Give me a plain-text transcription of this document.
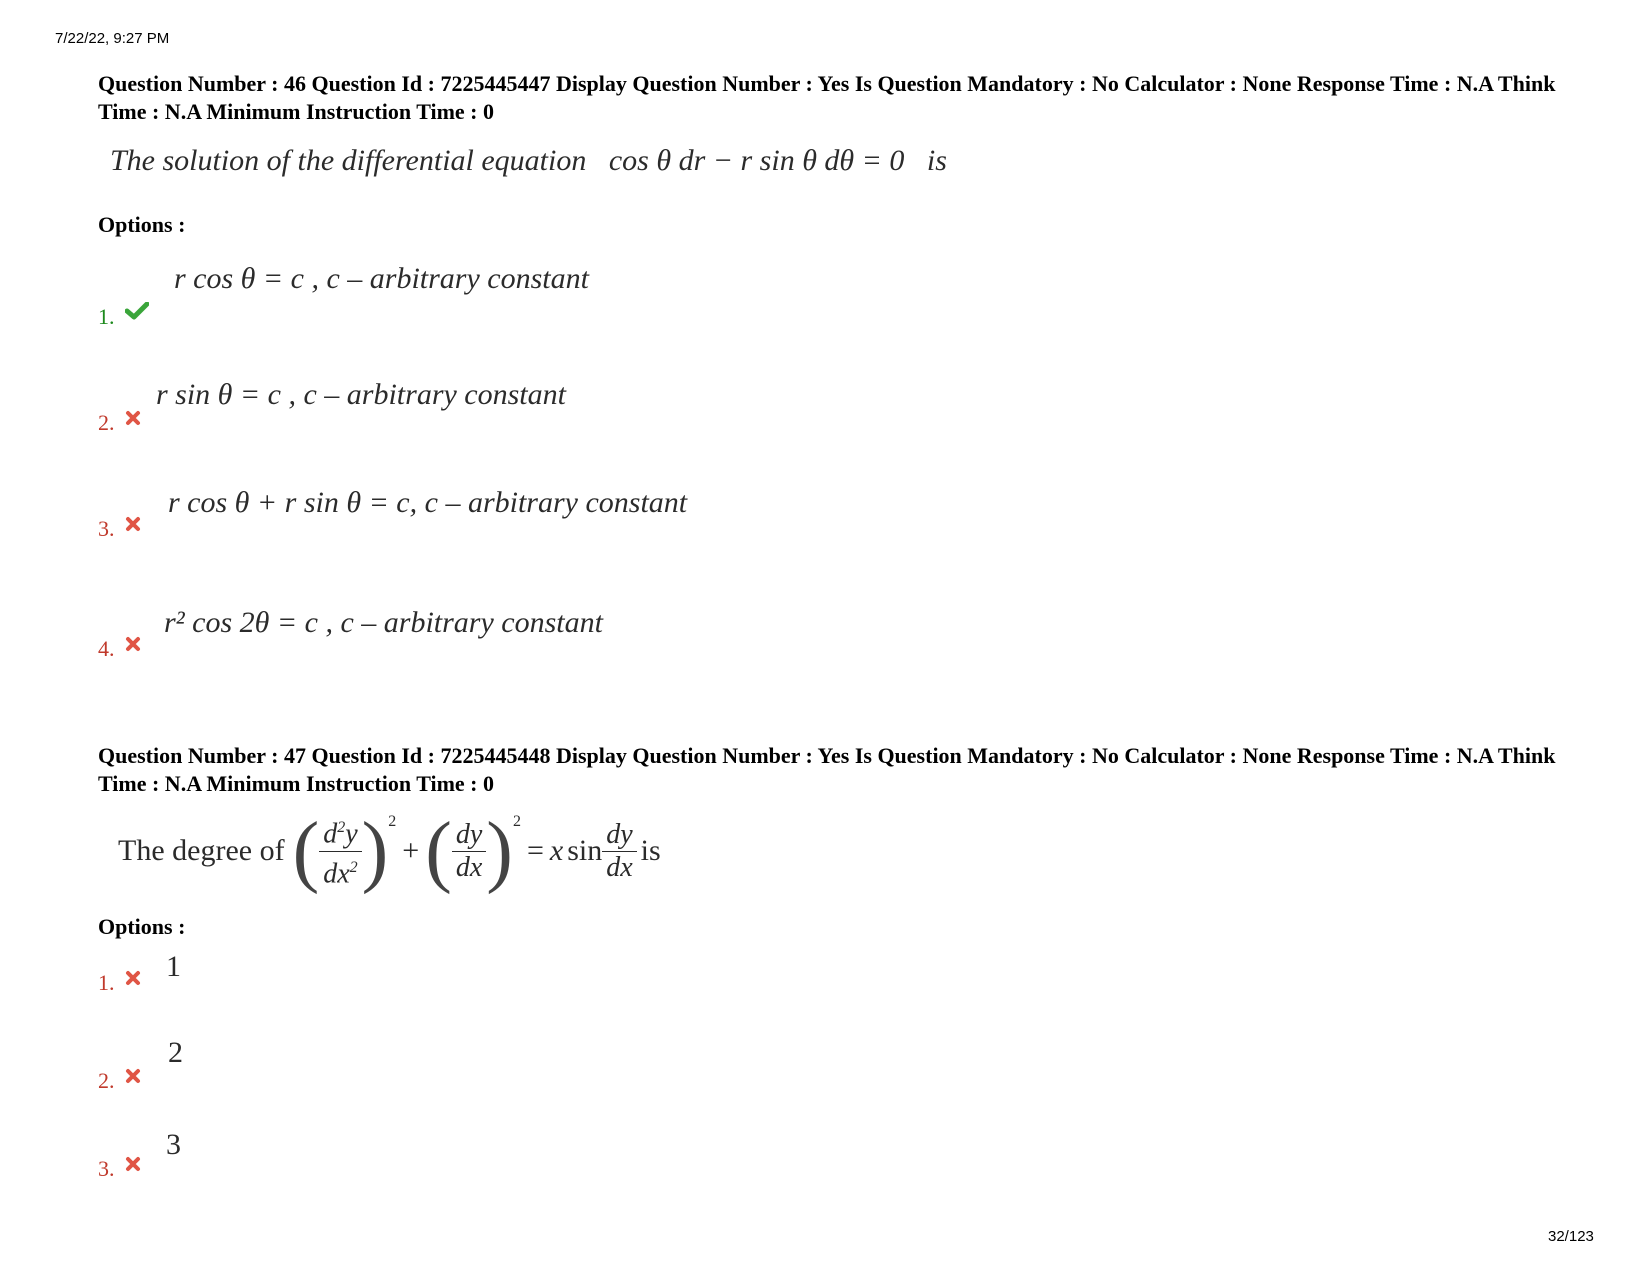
7/22/22, 9:27 PM
32/123
Question Number : 46 Question Id : 7225445447 Display Question Number : Yes Is Question Mandatory : No Calculator : None Response Time : N.A Think Time : N.A Minimum Instruction Time : 0
The solution of the differential equation cos θ dr − r sin θ dθ = 0 is
Options :
1.
r cos θ = c , c – arbitrary constant
2.
r sin θ = c , c – arbitrary constant
3.
r cos θ + r sin θ = c, c – arbitrary constant
4.
r² cos 2θ = c , c – arbitrary constant
Question Number : 47 Question Id : 7225445448 Display Question Number : Yes Is Question Mandatory : No Calculator : None Response Time : N.A Think Time : N.A Minimum Instruction Time : 0
The degree of ( $\frac{d^2y}{dx^2} )^2$
+ ( $\frac{dy}{dx} )^2$
= x $\sin \frac{dy}{dx}$ is
Options :
1.	1
2.
2
3.
3
